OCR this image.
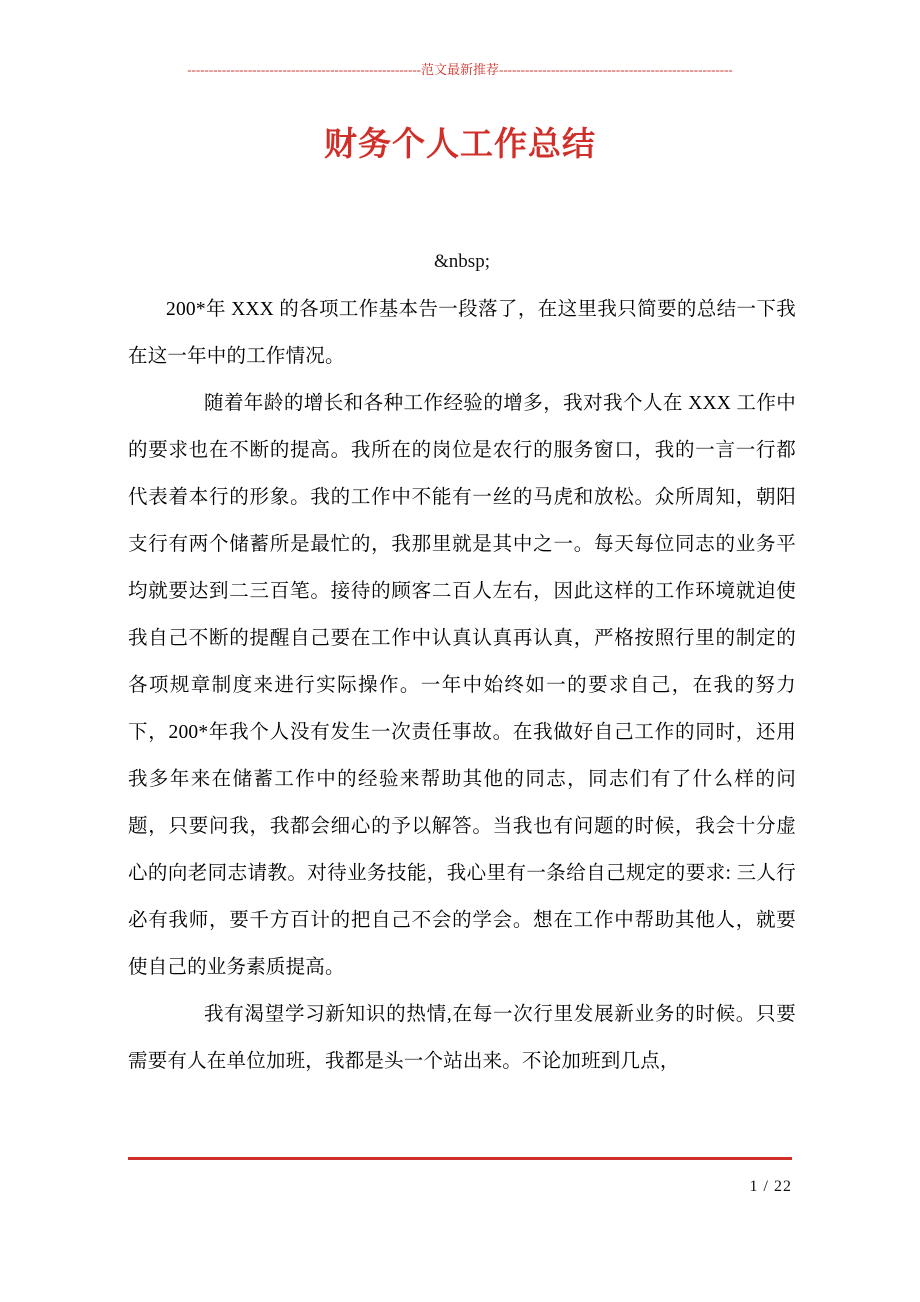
------------------------------------------------------范文最新推荐------------------------------------------------------
财务个人工作总结
&nbsp;

200*年 XXX 的各项工作基本告一段落了，在这里我只简要的总结一下我在这一年中的工作情况。

随着年龄的增长和各种工作经验的增多，我对我个人在 XXX 工作中的要求也在不断的提高。我所在的岗位是农行的服务窗口，我的一言一行都代表着本行的形象。我的工作中不能有一丝的马虎和放松。众所周知，朝阳支行有两个储蓄所是最忙的，我那里就是其中之一。每天每位同志的业务平均就要达到二三百笔。接待的顾客二百人左右，因此这样的工作环境就迫使我自己不断的提醒自己要在工作中认真认真再认真，严格按照行里的制定的各项规章制度来进行实际操作。一年中始终如一的要求自己，在我的努力下，200*年我个人没有发生一次责任事故。在我做好自己工作的同时，还用我多年来在储蓄工作中的经验来帮助其他的同志，同志们有了什么样的问题，只要问我，我都会细心的予以解答。当我也有问题的时候，我会十分虚心的向老同志请教。对待业务技能，我心里有一条给自己规定的要求: 三人行必有我师，要千方百计的把自己不会的学会。想在工作中帮助其他人，就要使自己的业务素质提高。

我有渴望学习新知识的热情,在每一次行里发展新业务的时候。只要需要有人在单位加班，我都是头一个站出来。不论加班到几点，

1 / 22
